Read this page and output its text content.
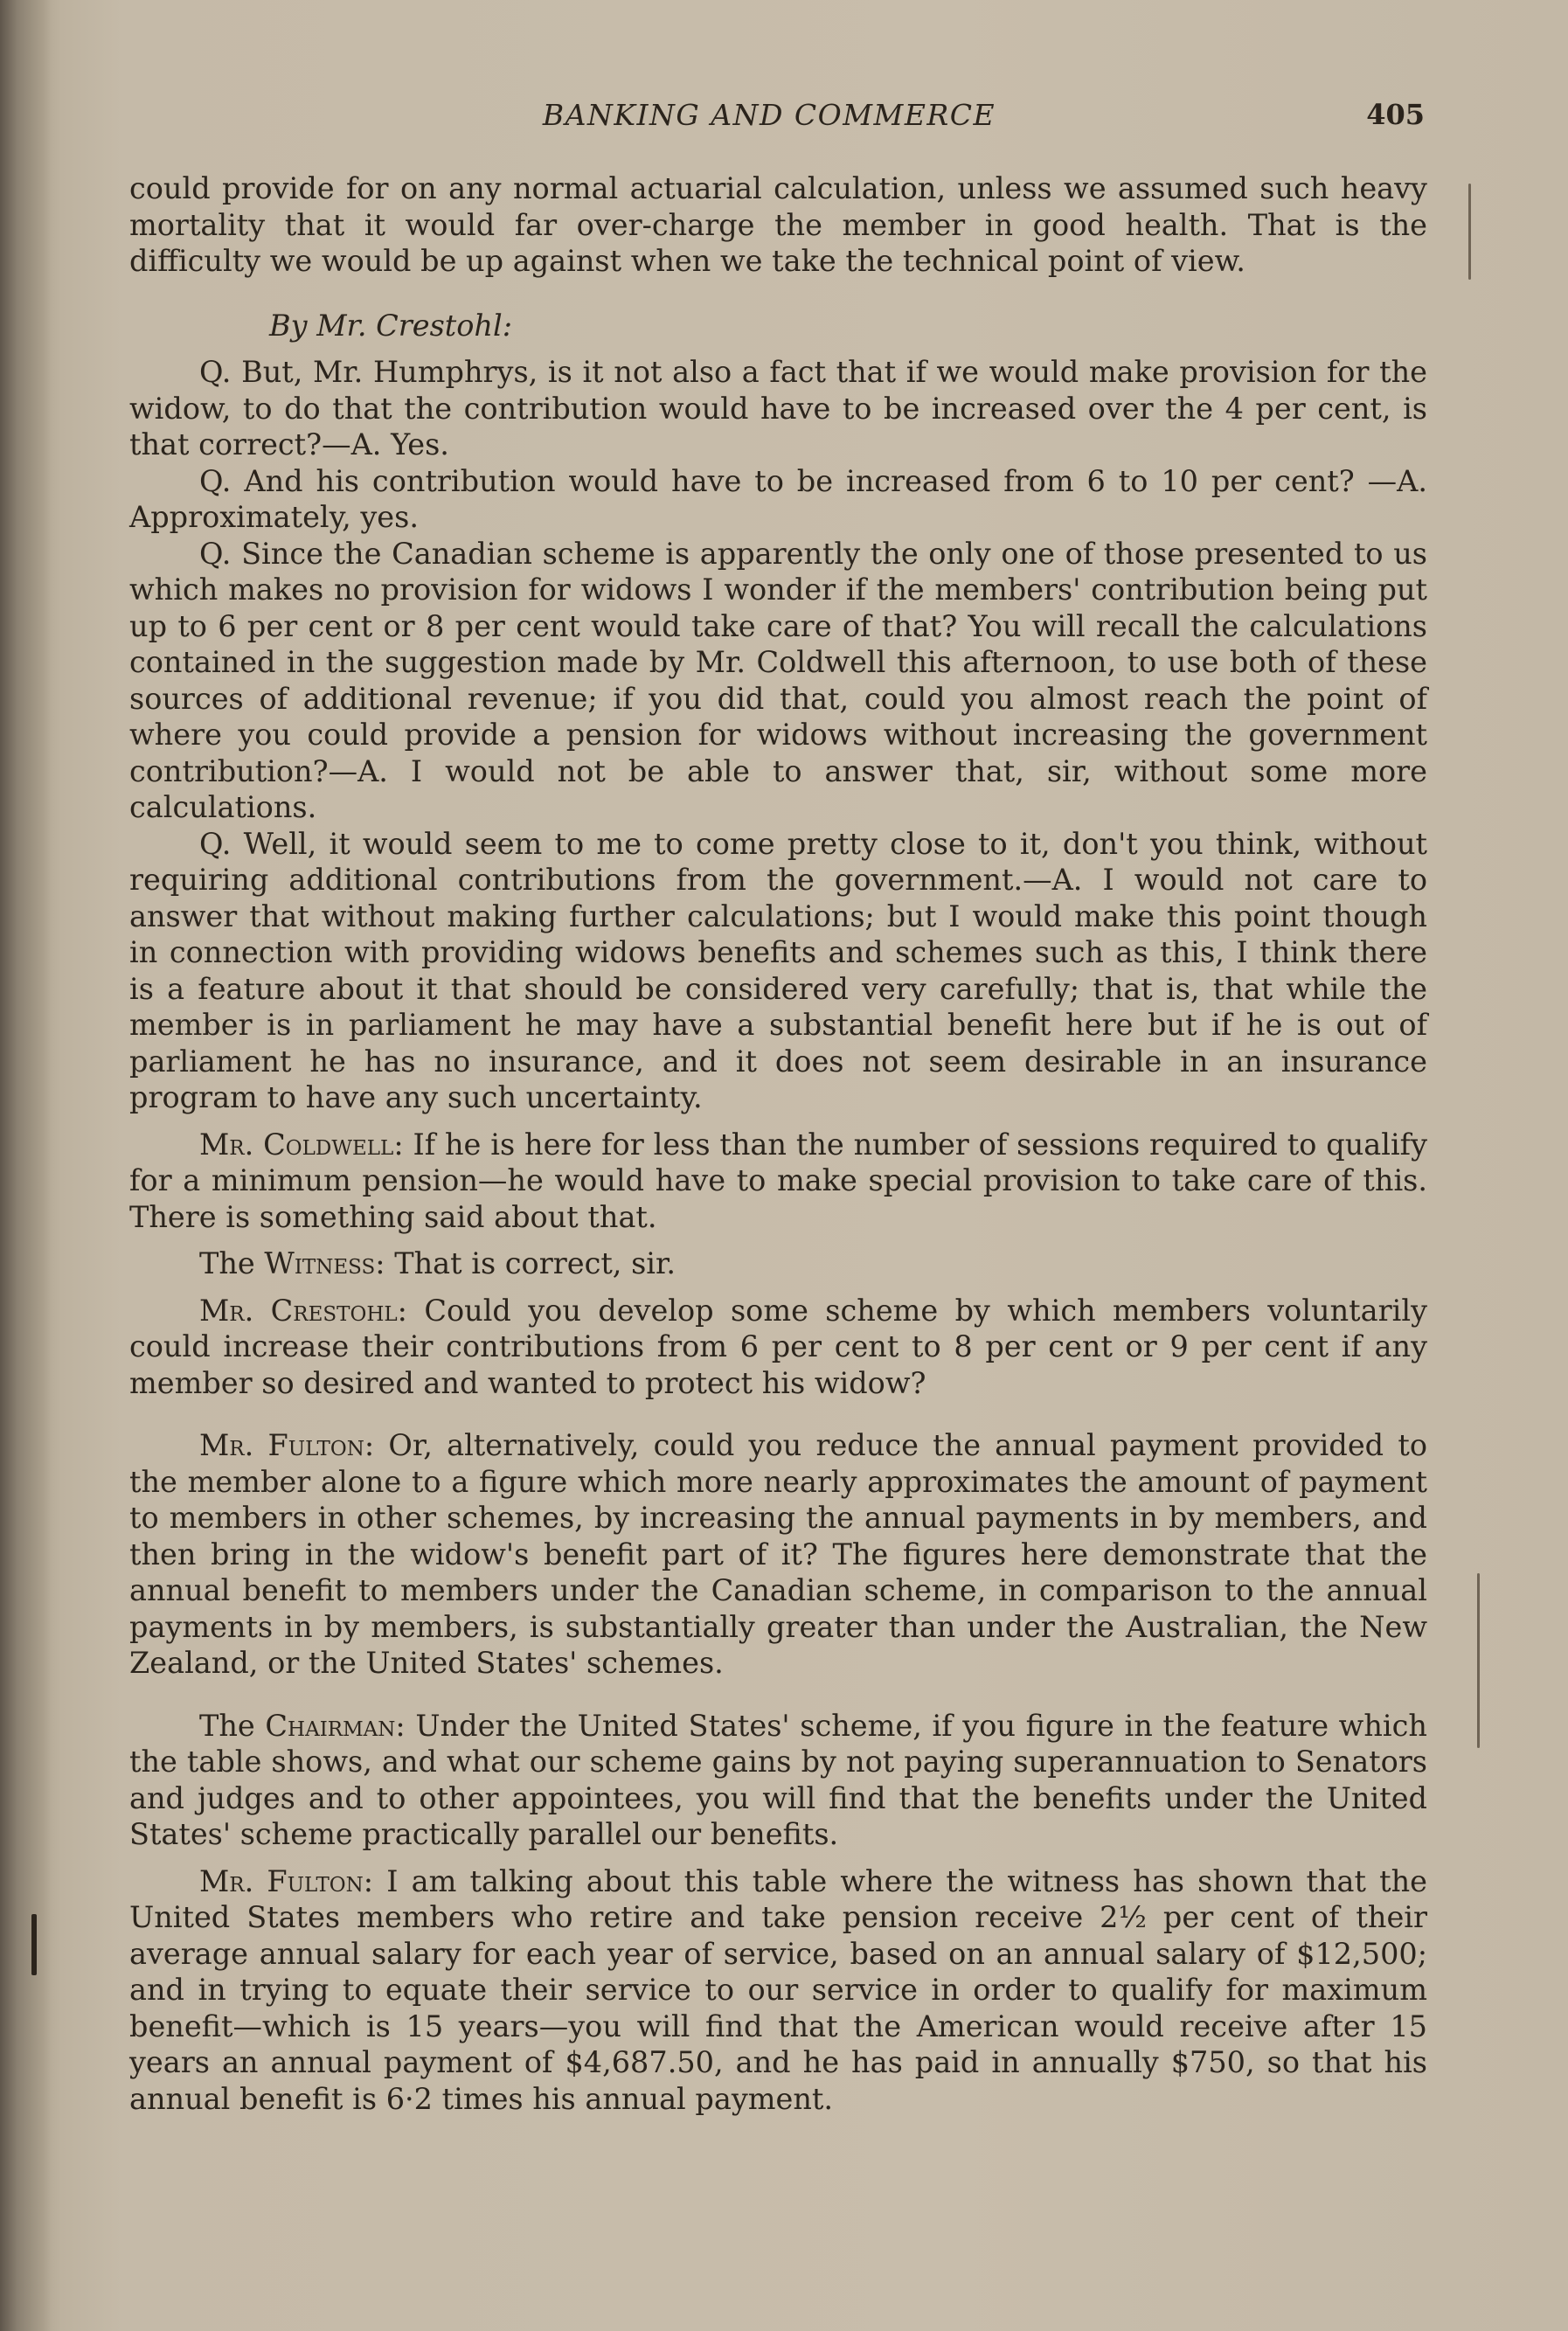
BANKING AND COMMERCE	405

could provide for on any normal actuarial calculation, unless we assumed such heavy mortality that it would far over-charge the member in good health. That is the difficulty we would be up against when we take the technical point of view.

By Mr. Crestohl:

Q. But, Mr. Humphrys, is it not also a fact that if we would make provision for the widow, to do that the contribution would have to be increased over the 4 per cent, is that correct?—A. Yes.

Q. And his contribution would have to be increased from 6 to 10 per cent? —A. Approximately, yes.

Q. Since the Canadian scheme is apparently the only one of those presented to us which makes no provision for widows I wonder if the members' contribution being put up to 6 per cent or 8 per cent would take care of that? You will recall the calculations contained in the suggestion made by Mr. Coldwell this afternoon, to use both of these sources of additional revenue; if you did that, could you almost reach the point of where you could provide a pension for widows without increasing the government contribution?—A. I would not be able to answer that, sir, without some more calculations.

Q. Well, it would seem to me to come pretty close to it, don't you think, without requiring additional contributions from the government.—A. I would not care to answer that without making further calculations; but I would make this point though in connection with providing widows benefits and schemes such as this, I think there is a feature about it that should be considered very carefully; that is, that while the member is in parliament he may have a substantial benefit here but if he is out of parliament he has no insurance, and it does not seem desirable in an insurance program to have any such uncertainty.

Mr. Coldwell: If he is here for less than the number of sessions required to qualify for a minimum pension—he would have to make special provision to take care of this. There is something said about that.

The Witness: That is correct, sir.

Mr. Crestohl: Could you develop some scheme by which members voluntarily could increase their contributions from 6 per cent to 8 per cent or 9 per cent if any member so desired and wanted to protect his widow?

Mr. Fulton: Or, alternatively, could you reduce the annual payment provided to the member alone to a figure which more nearly approximates the amount of payment to members in other schemes, by increasing the annual payments in by members, and then bring in the widow's benefit part of it? The figures here demonstrate that the annual benefit to members under the Canadian scheme, in comparison to the annual payments in by members, is substantially greater than under the Australian, the New Zealand, or the United States' schemes.

The Chairman: Under the United States' scheme, if you figure in the feature which the table shows, and what our scheme gains by not paying superannuation to Senators and judges and to other appointees, you will find that the benefits under the United States' scheme practically parallel our benefits.

Mr. Fulton: I am talking about this table where the witness has shown that the United States members who retire and take pension receive 2½ per cent of their average annual salary for each year of service, based on an annual salary of $12,500; and in trying to equate their service to our service in order to qualify for maximum benefit—which is 15 years—you will find that the American would receive after 15 years an annual payment of $4,687.50, and he has paid in annually $750, so that his annual benefit is 6·2 times his annual payment.
